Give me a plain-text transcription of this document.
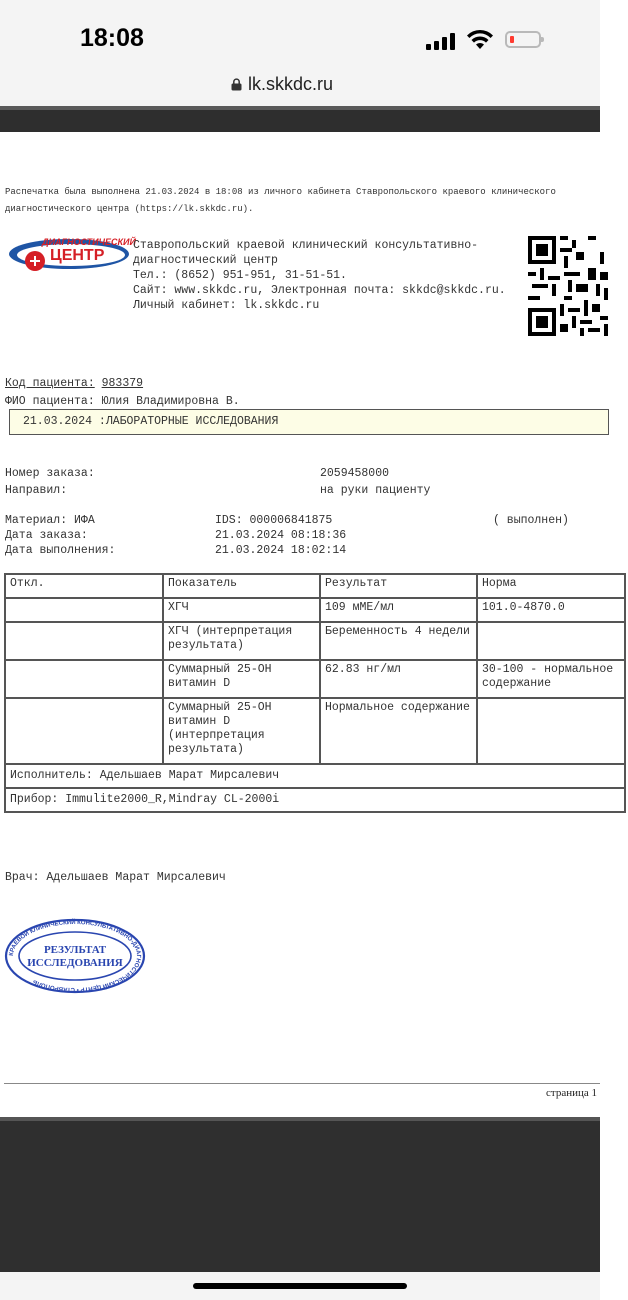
18:08
lk.skkdc.ru
Распечатка была выполнена 21.03.2024 в 18:08 из личного кабинета Ставропольского краевого клинического
диагностического центра (https://lk.skkdc.ru).
ДИАГНОСТИЧЕСКИЙ
ЦЕНТР
Ставропольский краевой клинический консультативно-
диагностический центр
Тел.: (8652) 951-951, 31-51-51.
Сайт: www.skkdc.ru, Электронная почта: skkdc@skkdc.ru.
Личный кабинет: lk.skkdc.ru
Код пациента: 983379
ФИО пациента: Юлия Владимировна В.
21.03.2024 :ЛАБОРАТОРНЫЕ ИССЛЕДОВАНИЯ
Номер заказа:	2059458000
Направил:	на руки пациенту
Материал: ИФА	IDS: 000006841875	( выполнен)
Дата заказа:	21.03.2024 08:18:36
Дата выполнения:	21.03.2024 18:02:14
Откл.	Показатель	Результат	Норма
	ХГЧ	109 мМЕ/мл	101.0-4870.0
	ХГЧ (интерпретация результата)	Беременность 4 недели	
	Суммарный 25-ОН витамин D	62.83 нг/мл	30-100 - нормальное содержание
	Суммарный 25-ОН витамин D (интерпретация результата)	Нормальное содержание	
Исполнитель: Адельшаев Марат Мирсалевич			
Прибор: Immulite2000_R,Mindray CL-2000i			
Врач: Адельшаев Марат Мирсалевич
КРАЕВОЙ КЛИНИЧЕСКИЙ КОНСУЛЬТАТИВНО-ДИАГНОСТИЧЕСКИЙ ЦЕНТР • СТАВРОПОЛЬ
РЕЗУЛЬТАТ
ИССЛЕДОВАНИЯ
страница 1
